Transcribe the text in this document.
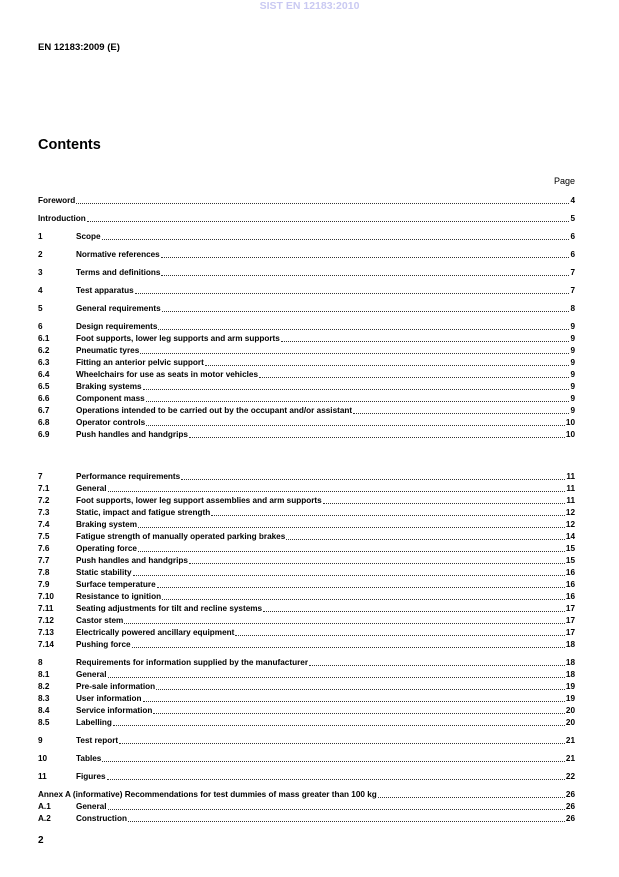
SIST EN 12183:2010
EN 12183:2009 (E)
Contents
Page
Foreword	4
Introduction	5
1	Scope	6
2	Normative references	6
3	Terms and definitions	7
4	Test apparatus	7
5	General requirements	8
6	Design requirements	9
6.1	Foot supports, lower leg supports and arm supports	9
6.2	Pneumatic tyres	9
6.3	Fitting an anterior pelvic support	9
6.4	Wheelchairs for use as seats in motor vehicles	9
6.5	Braking systems	9
6.6	Component mass	9
6.7	Operations intended to be carried out by the occupant and/or assistant	9
6.8	Operator controls	10
6.9	Push handles and handgrips	10
7	Performance requirements	11
7.1	General	11
7.2	Foot supports, lower leg support assemblies and arm supports	11
7.3	Static, impact and fatigue strength	12
7.4	Braking system	12
7.5	Fatigue strength of manually operated parking brakes	14
7.6	Operating force	15
7.7	Push handles and handgrips	15
7.8	Static stability	16
7.9	Surface temperature	16
7.10	Resistance to ignition	16
7.11	Seating adjustments for tilt and recline systems	17
7.12	Castor stem	17
7.13	Electrically powered ancillary equipment	17
7.14	Pushing force	18
8	Requirements for information supplied by the manufacturer	18
8.1	General	18
8.2	Pre-sale information	19
8.3	User information	19
8.4	Service information	20
8.5	Labelling	20
9	Test report	21
10	Tables	21
11	Figures	22
Annex A (informative) Recommendations for test dummies of mass greater than 100 kg	26
A.1	General	26
A.2	Construction	26
2
